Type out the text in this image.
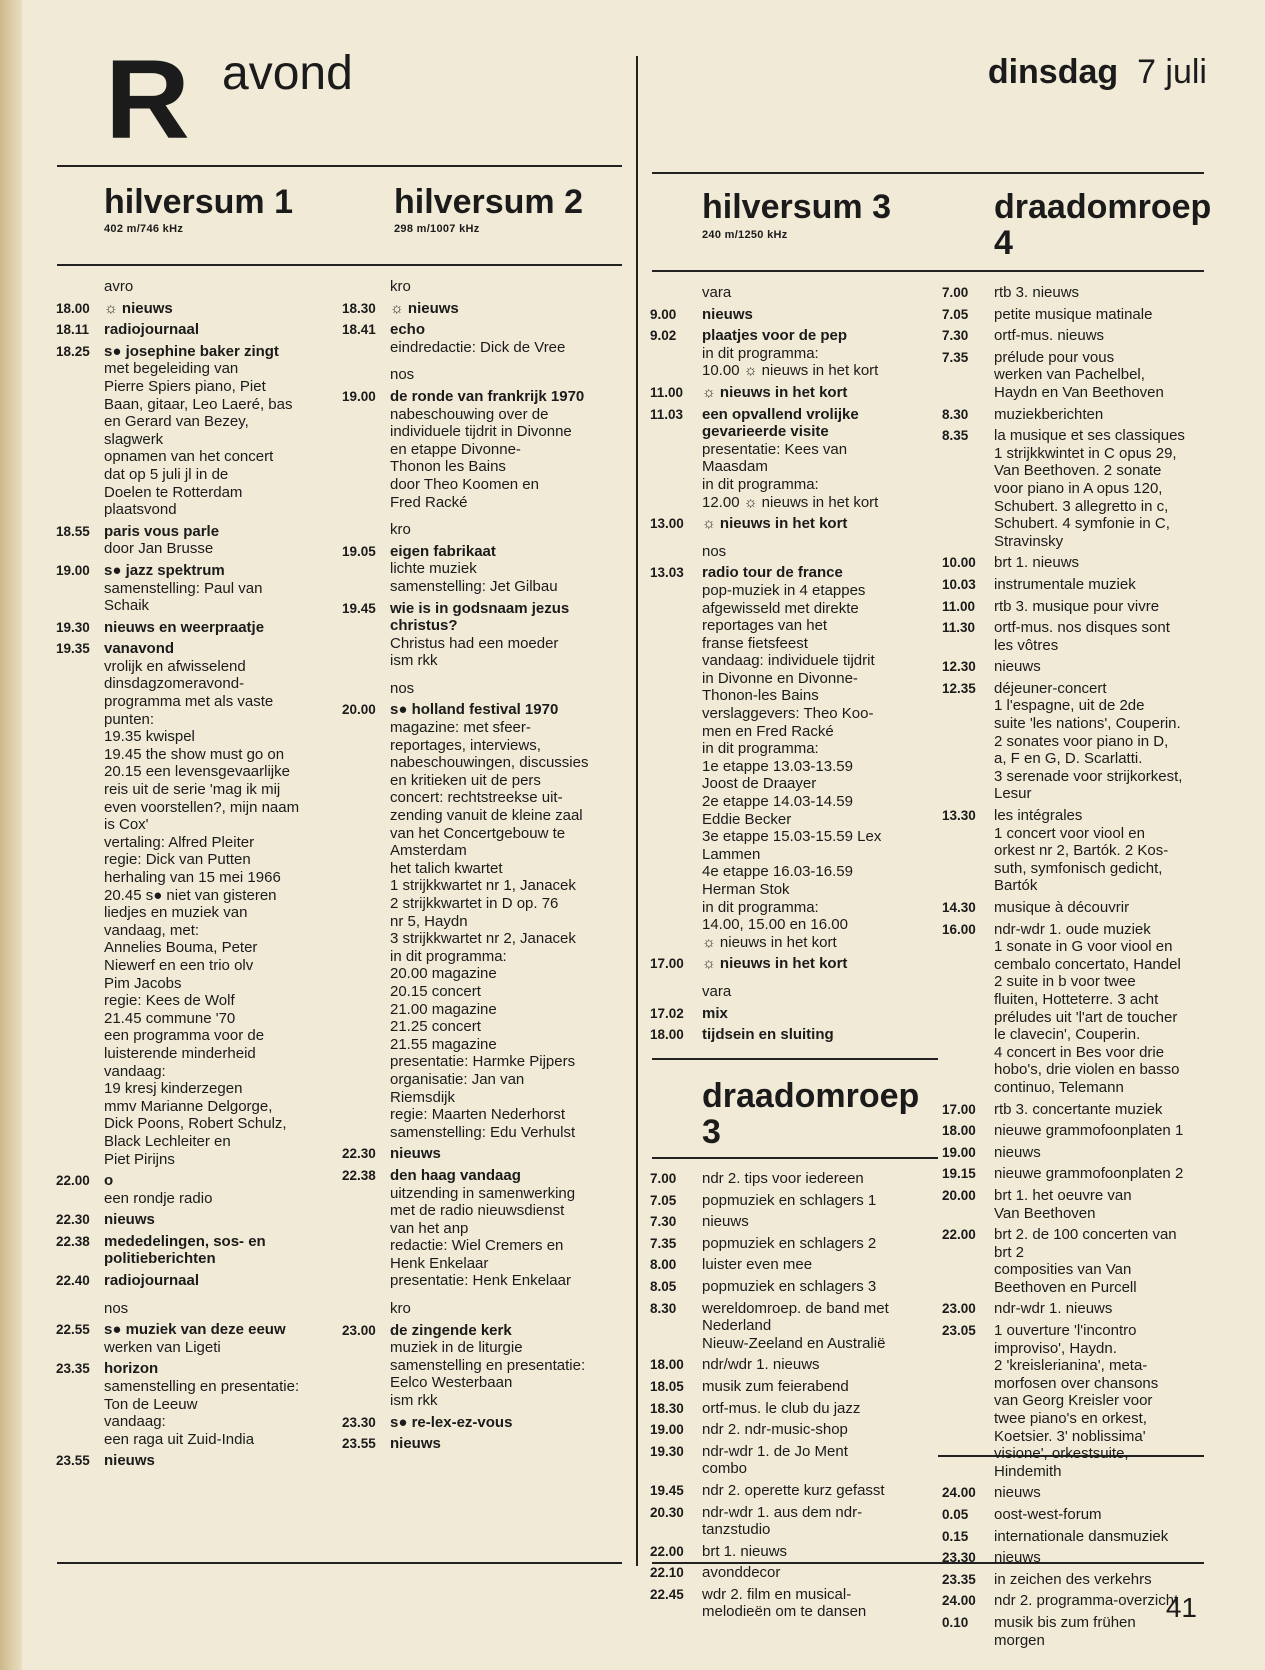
R avond	dinsdag 7 juli
hilversum 1
402 m/746 kHz
hilversum 2
298 m/1007 kHz
hilversum 3
240 m/1250 kHz
draadomroep 4
draadomroep 3
avro
18.00 ☼ nieuws
18.11 radiojournaal
18.25 s● josephine baker zingt
met begeleiding van
Pierre Spiers piano, Piet
Baan, gitaar, Leo Laeré, bas
en Gerard van Bezey,
slagwerk
opnamen van het concert
dat op 5 juli jl in de
Doelen te Rotterdam
plaatsvond
18.55 paris vous parle
door Jan Brusse
19.00 s● jazz spektrum
samenstelling: Paul van
Schaik
19.30 nieuws en weerpraatje
19.35 vanavond
vrolijk en afwisselend
dinsdagzomeravond-
programma met als vaste
punten:
19.35 kwispel
19.45 the show must go on
20.15 een levensgevaarlijke
reis uit de serie 'mag ik mij
even voorstellen?, mijn naam
is Cox'
vertaling: Alfred Pleiter
regie: Dick van Putten
herhaling van 15 mei 1966
20.45 s● niet van gisteren
liedjes en muziek van
vandaag, met:
Annelies Bouma, Peter
Niewerf en een trio olv
Pim Jacobs
regie: Kees de Wolf
21.45 commune '70
een programma voor de
luisterende minderheid
vandaag:
19 kresj kinderzegen
mmv Marianne Delgorge,
Dick Poons, Robert Schulz,
Black Lechleiter en
Piet Pirijns
22.00 o
een rondje radio
22.30 nieuws
22.38 mededelingen, sos- en politieberichten
22.40 radiojournaal
nos
22.55 s● muziek van deze eeuw
werken van Ligeti
23.35 horizon
samenstelling en presentatie:
Ton de Leeuw
vandaag:
een raga uit Zuid-India
23.55 nieuws
kro
18.30 ☼ nieuws
18.41 echo
eindredactie: Dick de Vree
nos
19.00 de ronde van frankrijk 1970
nabeschouwing over de
individuele tijdrit in Divonne
en etappe Divonne-
Thonon les Bains
door Theo Koomen en
Fred Racké
kro
19.05 eigen fabrikaat
lichte muziek
samenstelling: Jet Gilbau
19.45 wie is in godsnaam jezus christus?
Christus had een moeder
ism rkk
nos
20.00 s● holland festival 1970
magazine: met sfeer-
reportages, interviews,
nabeschouwingen, discussies
en kritieken uit de pers
concert: rechtstreekse uit-
zending vanuit de kleine zaal
van het Concertgebouw te
Amsterdam
het talich kwartet
1 strijkkwartet nr 1, Janacek
2 strijkkwartet in D op. 76
nr 5, Haydn
3 strijkkwartet nr 2, Janacek
in dit programma:
20.00 magazine
20.15 concert
21.00 magazine
21.25 concert
21.55 magazine
presentatie: Harmke Pijpers
organisatie: Jan van
Riemsdijk
regie: Maarten Nederhorst
samenstelling: Edu Verhulst
22.30 nieuws
22.38 den haag vandaag
uitzending in samenwerking
met de radio nieuwsdienst
van het anp
redactie: Wiel Cremers en
Henk Enkelaar
presentatie: Henk Enkelaar
kro
23.00 de zingende kerk
muziek in de liturgie
samenstelling en presentatie:
Eelco Westerbaan
ism rkk
23.30 s● re-lex-ez-vous
23.55 nieuws
vara
9.00	nieuws
9.02	plaatjes voor de pep
in dit programma:
10.00 ☼ nieuws in het kort
11.00	☼ nieuws in het kort
11.03	een opvallend vrolijke gevarieerde visite
presentatie: Kees van
Maasdam
in dit programma:
12.00 ☼ nieuws in het kort
13.00	☼ nieuws in het kort
nos
13.03	radio tour de france
pop-muziek in 4 etappes
afgewisseld met direkte
reportages van het
franse fietsfeest
vandaag: individuele tijdrit
in Divonne en Divonne-
Thonon-les Bains
verslaggevers: Theo Koo-
men en Fred Racké
in dit programma:
1e etappe 13.03-13.59
Joost de Draayer
2e etappe 14.03-14.59
Eddie Becker
3e etappe 15.03-15.59 Lex
Lammen
4e etappe 16.03-16.59
Herman Stok
in dit programma:
14.00, 15.00 en 16.00
☼ nieuws in het kort
17.00	☼ nieuws in het kort
vara
17.02	mix
18.00	tijdsein en sluiting
7.00	ndr 2. tips voor iedereen
7.05	popmuziek en schlagers 1
7.30	nieuws
7.35	popmuziek en schlagers 2
8.00	luister even mee
8.05	popmuziek en schlagers 3
8.30	wereldomroep. de band met
Nederland
Nieuw-Zeeland en Australië
18.00	ndr/wdr 1. nieuws
18.05	musik zum feierabend
18.30	ortf-mus. le club du jazz
19.00	ndr 2. ndr-music-shop
19.30	ndr-wdr 1. de Jo Ment
combo
19.45	ndr 2. operette kurz gefasst
20.30	ndr-wdr 1. aus dem ndr-
tanzstudio
22.00	brt 1. nieuws
22.10	avonddecor
22.45	wdr 2. film en musical-
melodieën om te dansen
7.00	rtb 3. nieuws
7.05	petite musique matinale
7.30	ortf-mus. nieuws
7.35	prélude pour vous
werken van Pachelbel,
Haydn en Van Beethoven
8.30	muziekberichten
8.35	la musique et ses classiques
1 strijkkwintet in C opus 29,
Van Beethoven. 2 sonate
voor piano in A opus 120,
Schubert. 3 allegretto in c,
Schubert. 4 symfonie in C,
Stravinsky
10.00	brt 1. nieuws
10.03	instrumentale muziek
11.00	rtb 3. musique pour vivre
11.30	ortf-mus. nos disques sont
les vôtres
12.30	nieuws
12.35	déjeuner-concert
1 l'espagne, uit de 2de
suite 'les nations', Couperin.
2 sonates voor piano in D,
a, F en G, D. Scarlatti.
3 serenade voor strijkorkest,
Lesur
13.30	les intégrales
1 concert voor viool en
orkest nr 2, Bartók. 2 Kos-
suth, symfonisch gedicht,
Bartók
14.30	musique à découvrir
16.00	ndr-wdr 1. oude muziek
1 sonate in G voor viool en
cembalo concertato, Handel
2 suite in b voor twee
fluiten, Hotteterre. 3 acht
préludes uit 'l'art de toucher
le clavecin', Couperin.
4 concert in Bes voor drie
hobo's, drie violen en basso
continuo, Telemann
17.00	rtb 3. concertante muziek
18.00	nieuwe grammofoonplaten 1
19.00	nieuws
19.15	nieuwe grammofoonplaten 2
20.00	brt 1. het oeuvre van
Van Beethoven
22.00	brt 2. de 100 concerten van
brt 2
composities van Van
Beethoven en Purcell
23.00	ndr-wdr 1. nieuws
23.05	1 ouverture 'l'incontro
improviso', Haydn.
2 'kreislerianina', meta-
morfosen over chansons
van Georg Kreisler voor
twee piano's en orkest,
Koetsier. 3' noblissima'
visione', orkestsuite,
Hindemith
24.00	nieuws
0.05	oost-west-forum
0.15	internationale dansmuziek
23.30	nieuws
23.35	in zeichen des verkehrs
24.00	ndr 2. programma-overzicht
0.10	musik bis zum frühen
morgen
41
